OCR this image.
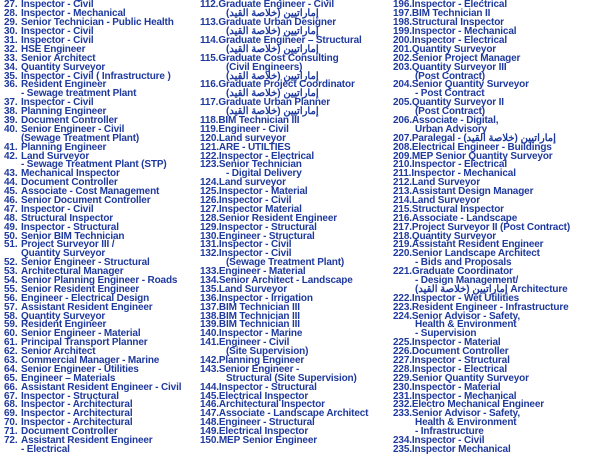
27. Inspector - Civil
28. Inspector - Mechanical
29. Senior Technician - Public Health
30. Inspector - Civil
31. Inspector - Civil
32. HSE Engineer
33. Senior Architect
34. Quantity Surveyor
35. Inspector - Civil ( Infrastructure )
36. Resident Engineer
- Sewage treatment Plant
37. Inspector - Civil
38. Planning Engineer
39. Document Controller
40. Senior Engineer - Civil
(Sewage Treatment Plant)
41. Planning Engineer
42. Land Surveyor
- Sewage Treatment Plant (STP)
43. Mechanical Inspector
44. Document Controller
45. Associate - Cost Management
46. Senior Document Controller
47. Inspector - Civil
48. Structural Inspector
49. Inspector - Structural
50. Senior BIM Technician
51. Project Surveyor III /
Quantity Surveyor
52. Senior Engineer - Structural
53. Architectural Manager
54. Senior Planning Engineer - Roads
55. Senior Resident Engineer
56. Engineer - Electrical Design
57. Assistant Resident Engineer
58. Quantity Surveyor
59. Resident Engineer
60. Senior Engineer - Material
61. Principal Transport Planner
62. Senior Architect
63. Commercial Manager - Marine
64. Senior Engineer - Utilities
65. Engineer – Materials
66. Assistant Resident Engineer - Civil
67. Inspector - Structural
68. Inspector - Architectural
69. Inspector - Architectural
70. Inspector - Architectural
71. Document Controller
72. Assistant Resident Engineer
- Electrical
112.Graduate Engineer - Civil
(إماراتيين (خلاصة القيد
113.Graduate Urban Designer
(إماراتيين (خلاصة القيد
114.Graduate Engineer – Structural
(إماراتيين (خلاصة القيد
115.Graduate Cost Consulting
(Civil Engineers)
(إماراتيين (خلاصة القيد
116.Graduate Project Coordinator
(إماراتيين (خلاصة القيد
117.Graduate Urban Planner
(إماراتيين (خلاصة القيد
118.BIM Technician III
119.Engineer - Civil
120.Land surveyor
121.ARE - UTILTIES
122.Inspector - Electrical
123.Senior Technician
- Digital Delivery
124.Land surveyor
125.Inspector - Material
126.Inspector - Civil
127.Inspector Material
128.Senior Resident Engineer
129.Inspector - Structural
130.Engineer - Structural
131.Inspector - Civil
132.Inspector - Civil
(Sewage Treatment Plant)
133.Engineer - Material
134.Senior Architect - Landscape
135.Land Surveyor
136.Inspector - Irrigation
137.BIM Technician III
138.BIM Technician III
139.BIM Technician III
140.Inspector - Marine
141.Engineer - Civil
(Site Supervision)
142.Planning Engineer
143.Senior Engineer -
Structural (Site Supervision)
144.Inspector - Structural
145.Electrical Inspector
146.Architectural Inspector
147.Associate - Landscape Architect
148.Engineer - Structural
149.Electrical Inspector
150.MEP Senior Engineer
196.Inspector - Electrical
197.BIM Technician II
198.Structural Inspector
199.Inspector - Mechanical
200.Inspector - Electrical
201.Quantity Surveyor
202.Senior Project Manager
203.Quantity Surveyor III
(Post Contract)
204.Senior Quantity Surveyor
- Post Contract
205.Quantity Surveyor II
(Post Contract)
206.Associate - Digital,
Urban Advisory
207.Paralegal - (إماراتيين (خلاصة القيد
208.Electrical Engineer - Buildings
209.MEP Senior Quantity Surveyor
210.Inspector - Electrical
211.Inspector - Mechanical
212.Land Surveyor
213.Assistant Design Manager
214.Land Surveyor
215.Structural Inspector
216.Associate - Landscape
217.Project Surveyor II (Post Contract)
218.Quantity Surveyor
219.Assistant Resident Engineer
220.Senior Landscape Architect
- Bids and Proposals
221.Graduate Coordinator
- Design Management/
(إماراتيين (خلاصة القيد Architecture
222.Inspector - Wet Utilities
223.Resident Engineer - Infrastructure
224.Senior Advisor - Safety,
Health & Environment
- Supervision
225.Inspector - Material
226.Document Controller
227.Inspector - Structural
228.Inspector - Electrical
229.Senior Quantity Surveyor
230.Inspector - Material
231.Inspector - Mechanical
232.Electro Mechanical Engineer
233.Senior Advisor - Safety,
Health & Environment
- Infrastructure
234.Inspector - Civil
235.Inspector Mechanical
